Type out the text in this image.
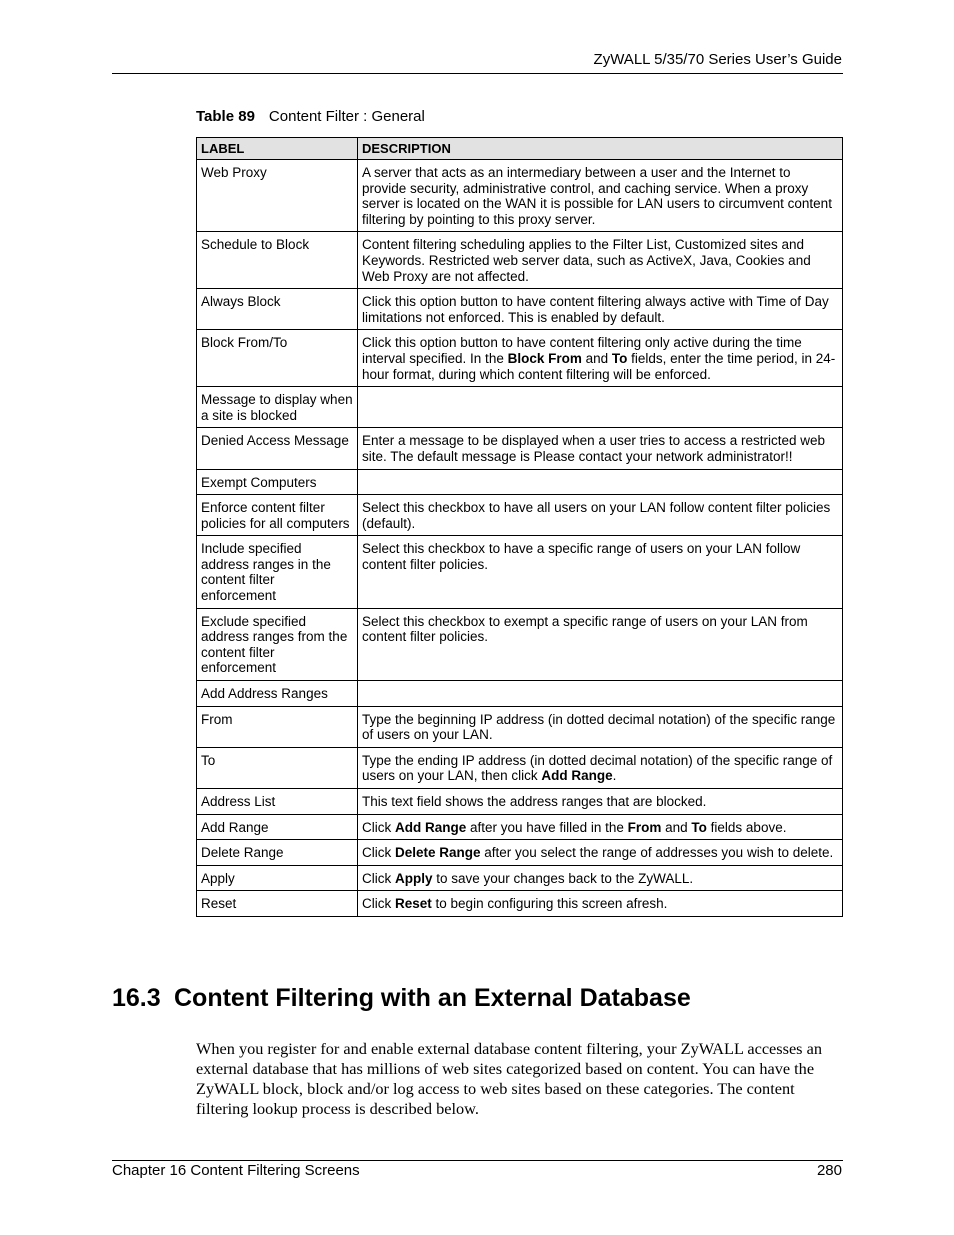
ZyWALL 5/35/70 Series User’s Guide
Table 89 Content Filter : General
LABEL	DESCRIPTION
Web Proxy	A server that acts as an intermediary between a user and the Internet to provide security, administrative control, and caching service. When a proxy server is located on the WAN it is possible for LAN users to circumvent content filtering by pointing to this proxy server.
Schedule to Block	Content filtering scheduling applies to the Filter List, Customized sites and Keywords. Restricted web server data, such as ActiveX, Java, Cookies and Web Proxy are not affected.
Always Block	Click this option button to have content filtering always active with Time of Day limitations not enforced. This is enabled by default.
Block From/To	Click this option button to have content filtering only active during the time interval specified. In the Block From and To fields, enter the time period, in 24-hour format, during which content filtering will be enforced.
Message to display when a site is blocked	
Denied Access Message	Enter a message to be displayed when a user tries to access a restricted web site. The default message is Please contact your network administrator!!
Exempt Computers	
Enforce content filter policies for all computers	Select this checkbox to have all users on your LAN follow content filter policies (default).
Include specified address ranges in the content filter enforcement	Select this checkbox to have a specific range of users on your LAN follow content filter policies.
Exclude specified address ranges from the content filter enforcement	Select this checkbox to exempt a specific range of users on your LAN from content filter policies.
Add Address Ranges	
From	Type the beginning IP address (in dotted decimal notation) of the specific range of users on your LAN.
To	Type the ending IP address (in dotted decimal notation) of the specific range of users on your LAN, then click Add Range.
Address List	This text field shows the address ranges that are blocked.
Add Range	Click Add Range after you have filled in the From and To fields above.
Delete Range	Click Delete Range after you select the range of addresses you wish to delete.
Apply	Click Apply to save your changes back to the ZyWALL.
Reset	Click Reset to begin configuring this screen afresh.
16.3 Content Filtering with an External Database

When you register for and enable external database content filtering, your ZyWALL accesses an external database that has millions of web sites categorized based on content. You can have the ZyWALL block, block and/or log access to web sites based on these categories. The content filtering lookup process is described below.

Chapter 16 Content Filtering Screens	280
